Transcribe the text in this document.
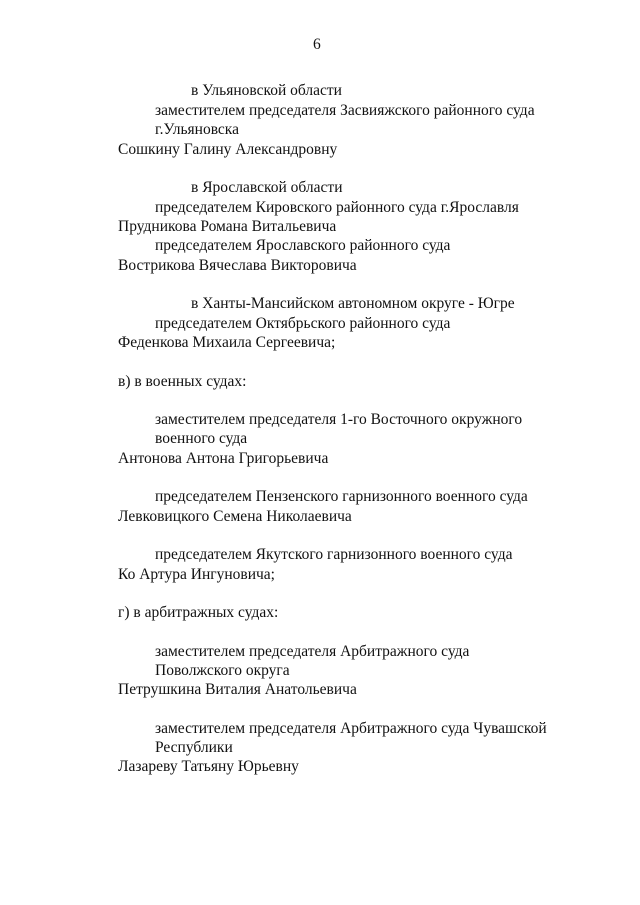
6
в Ульяновской области
заместителем председателя Засвияжского районного суда
г.Ульяновска
Сошкину Галину Александровну
в Ярославской области
председателем Кировского районного суда г.Ярославля
Прудникова Романа Витальевича
председателем Ярославского районного суда
Вострикова Вячеслава Викторовича
в Ханты-Мансийском автономном округе - Югре
председателем Октябрьского районного суда
Феденкова Михаила Сергеевича;
в) в военных судах:
заместителем председателя 1-го Восточного окружного
военного суда
Антонова Антона Григорьевича
председателем Пензенского гарнизонного военного суда
Левковицкого Семена Николаевича
председателем Якутского гарнизонного военного суда
Ко Артура Ингуновича;
г) в арбитражных судах:
заместителем председателя Арбитражного суда
Поволжского округа
Петрушкина Виталия Анатольевича
заместителем председателя Арбитражного суда Чувашской
Республики
Лазареву Татьяну Юрьевну
